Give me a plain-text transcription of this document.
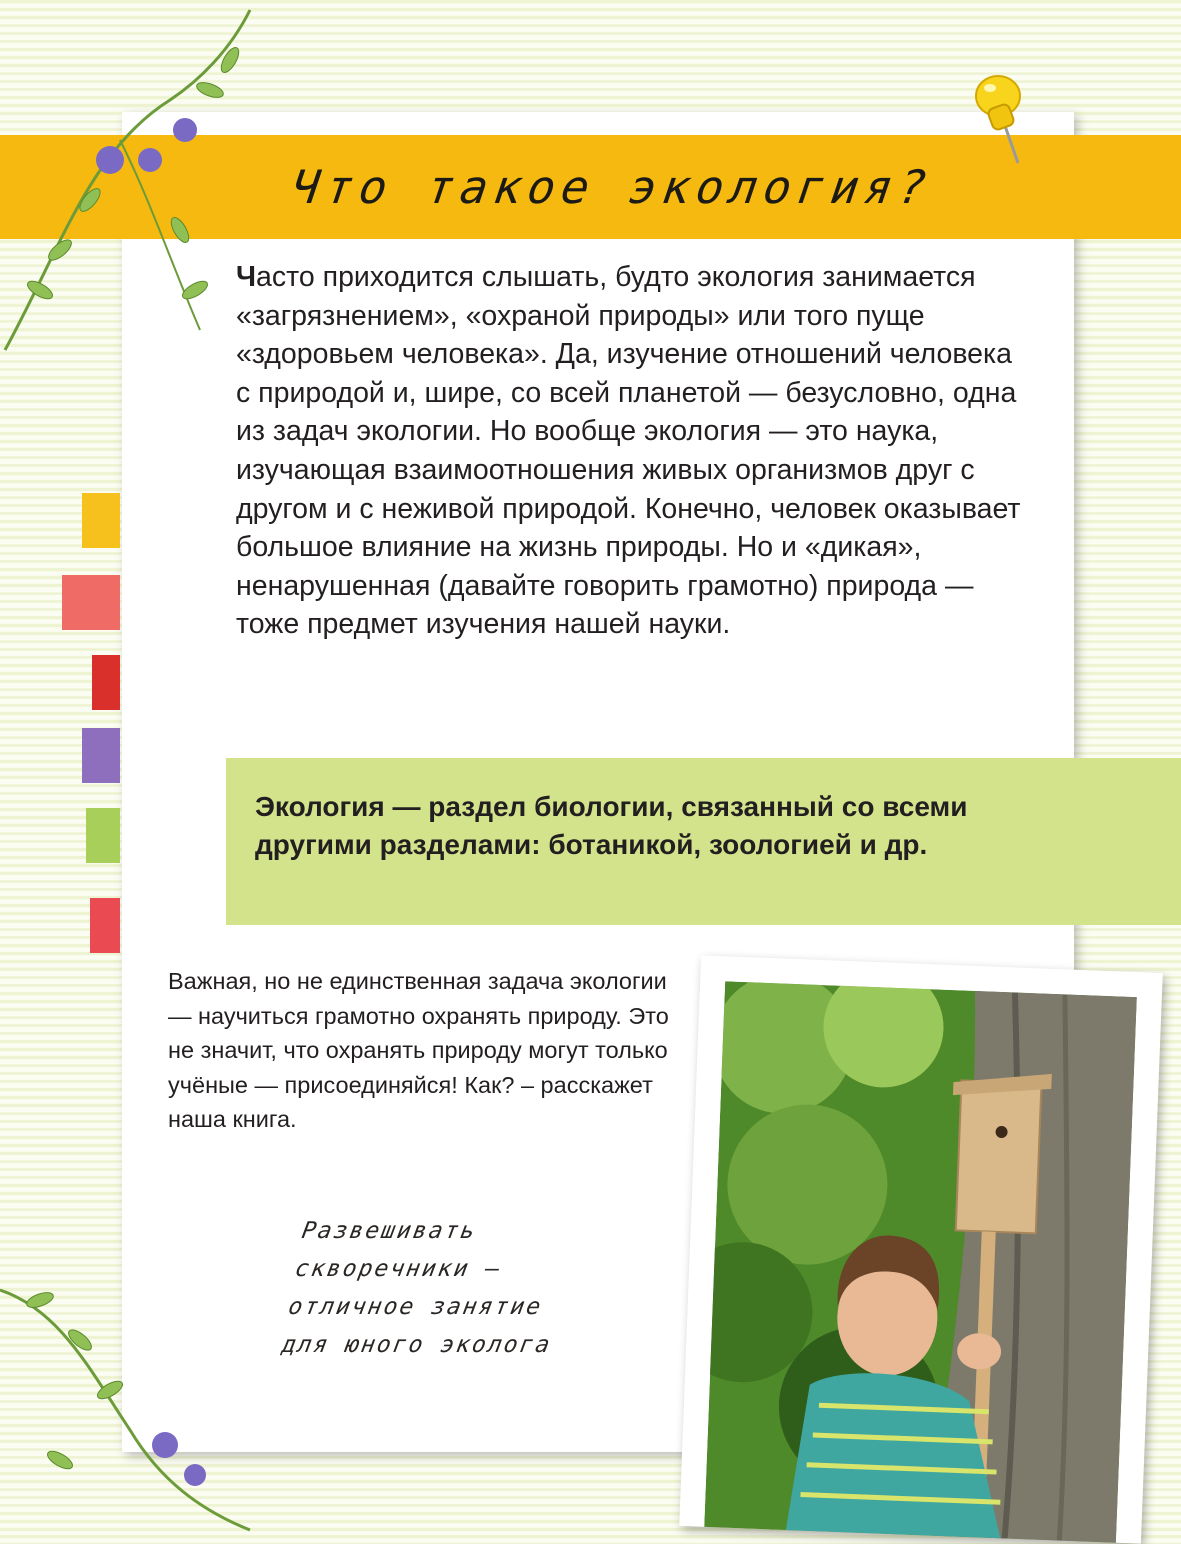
Что такое экология?

Часто приходится слышать, будто экология занимается «загрязнением», «охраной природы» или того пуще «здоровьем человека». Да, изучение отношений человека с природой и, шире, со всей планетой — безусловно, одна из задач экологии. Но вообще экология — это наука, изучающая взаимоотношения живых организмов друг с другом и с неживой природой. Конечно, человек оказывает большое влияние на жизнь природы. Но и «дикая», ненарушенная (давайте говорить грамотно) природа — тоже предмет изучения нашей науки.

Экология — раздел биологии, связанный со всеми другими разделами: ботаникой, зоологией и др.
Важная, но не единственная задача экологии — научиться грамотно охранять природу. Это не значит, что охранять природу могут только учёные — присоединяйся! Как? – расскажет наша книга.
Развешивать
скворечники –
отличное занятие
для юного эколога
